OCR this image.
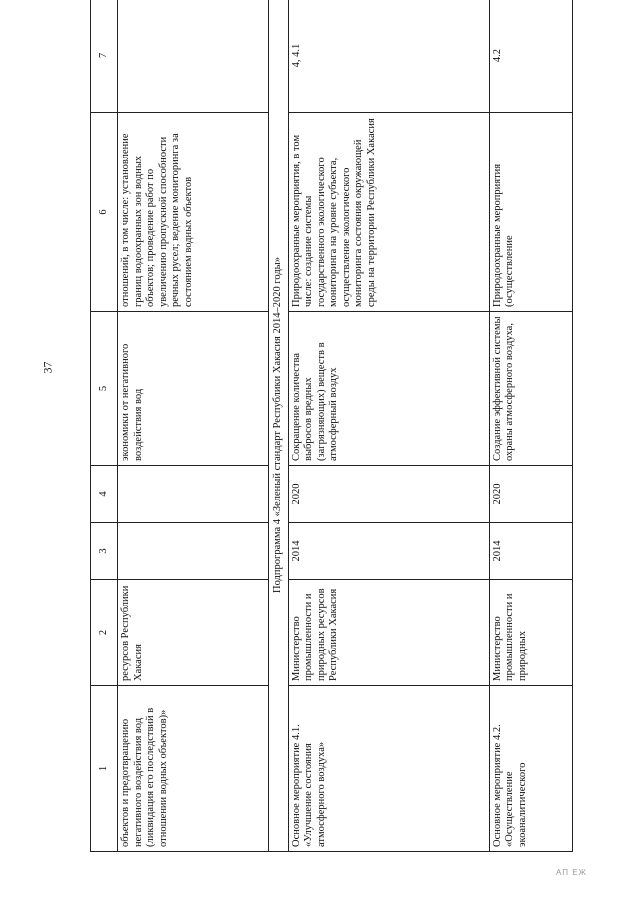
37
1	2	3	4	5	6	7
объектов и предотвращению негативного воздействия вод (ликвидация его последствий в отношении водных объектов)»	ресурсов Республики Хакасия			экономики от негативного воздействия вод	отношений, в том числе: установление границ водоохранных зон водных объектов; проведение работ по увеличению пропускной способности речных русел; ведение мониторинга за состоянием водных объектов	
Подпрограмма 4 «Зеленый стандарт Республики Хакасия 2014–2020 годы»						
Основное мероприятие 4.1. «Улучшение состояния атмосферного воздуха»	Министерство промышленности и природных ресурсов Республики Хакасия	2014	2020	Сокращение количества выбросов вредных (загрязняющих) веществ в атмосферный воздух	Природоохранные мероприятия, в том числе: создание системы государственного экологического мониторинга на уровне субъекта, осуществление экологического мониторинга состояния окружающей среды на территории Республики Хакасия	4, 4.1
Основное мероприятие 4.2. «Осуществление экоаналитического	Министерство промышленности и природных	2014	2020	Создание эффективной системы охраны атмосферного воздуха,	Природоохранные мероприятия (осуществление	4.2
АП ЕЖ
